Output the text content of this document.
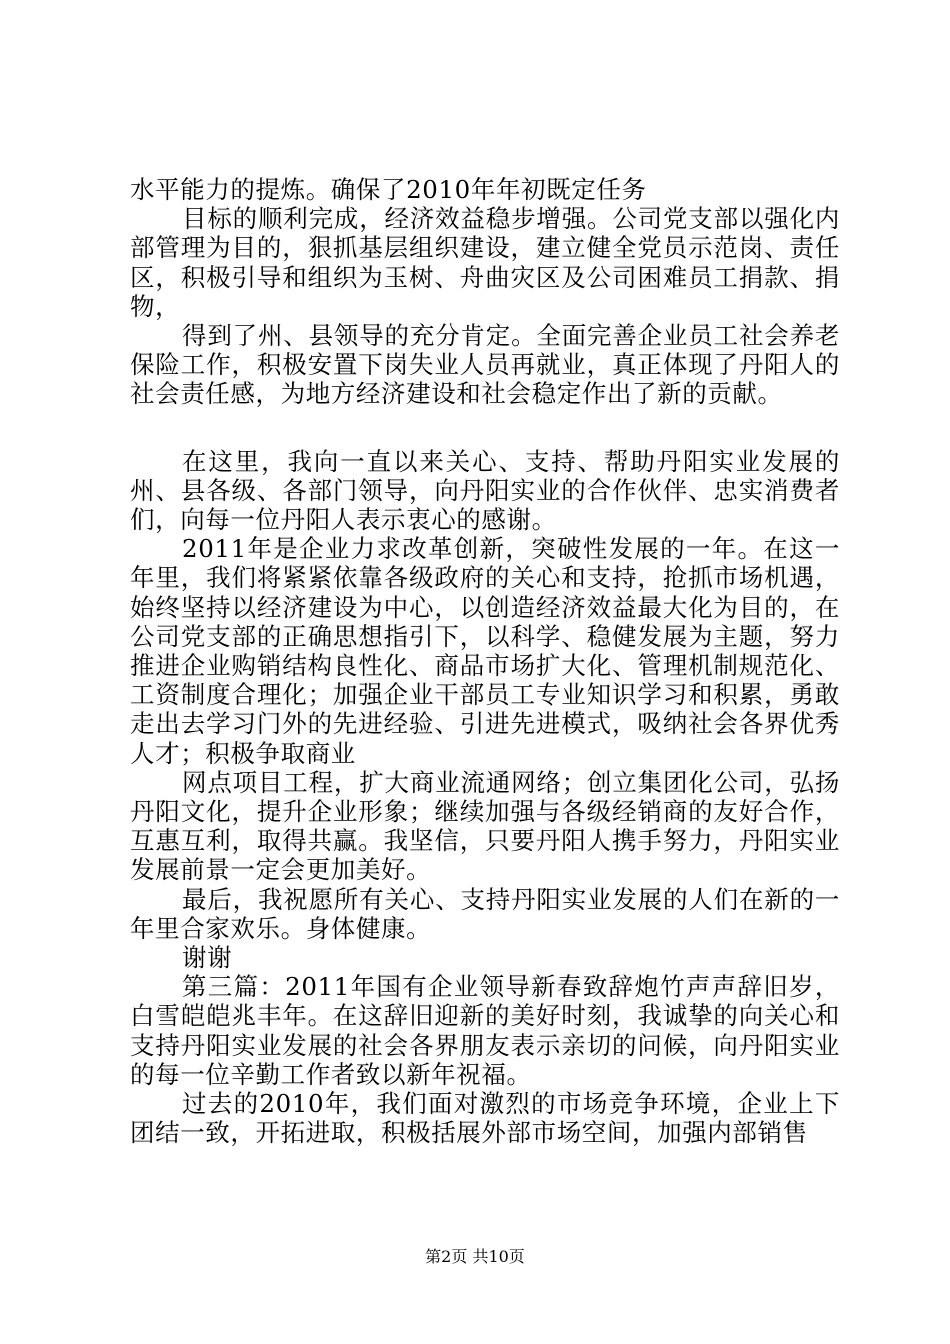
水平能力的提炼。确保了2010年年初既定任务

目标的顺利完成，经济效益稳步增强。公司党支部以强化内部管理为目的，狠抓基层组织建设，建立健全党员示范岗、责任区，积极引导和组织为玉树、舟曲灾区及公司困难员工捐款、捐物，

得到了州、县领导的充分肯定。全面完善企业员工社会养老保险工作，积极安置下岗失业人员再就业，真正体现了丹阳人的社会责任感，为地方经济建设和社会稳定作出了新的贡献。

在这里，我向一直以来关心、支持、帮助丹阳实业发展的州、县各级、各部门领导，向丹阳实业的合作伙伴、忠实消费者们，向每一位丹阳人表示衷心的感谢。

2011年是企业力求改革创新，突破性发展的一年。在这一年里，我们将紧紧依靠各级政府的关心和支持，抢抓市场机遇，始终坚持以经济建设为中心，以创造经济效益最大化为目的，在公司党支部的正确思想指引下，以科学、稳健发展为主题，努力推进企业购销结构良性化、商品市场扩大化、管理机制规范化、工资制度合理化；加强企业干部员工专业知识学习和积累，勇敢走出去学习门外的先进经验、引进先进模式，吸纳社会各界优秀人才；积极争取商业

网点项目工程，扩大商业流通网络；创立集团化公司，弘扬丹阳文化，提升企业形象；继续加强与各级经销商的友好合作，互惠互利，取得共赢。我坚信，只要丹阳人携手努力，丹阳实业发展前景一定会更加美好。

最后，我祝愿所有关心、支持丹阳实业发展的人们在新的一年里合家欢乐。身体健康。

谢谢

第三篇：2011年国有企业领导新春致辞炮竹声声辞旧岁，白雪皑皑兆丰年。在这辞旧迎新的美好时刻，我诚挚的向关心和支持丹阳实业发展的社会各界朋友表示亲切的问候，向丹阳实业的每一位辛勤工作者致以新年祝福。

过去的2010年，我们面对激烈的市场竞争环境，企业上下团结一致，开拓进取，积极括展外部市场空间，加强内部销售

第2页 共10页
